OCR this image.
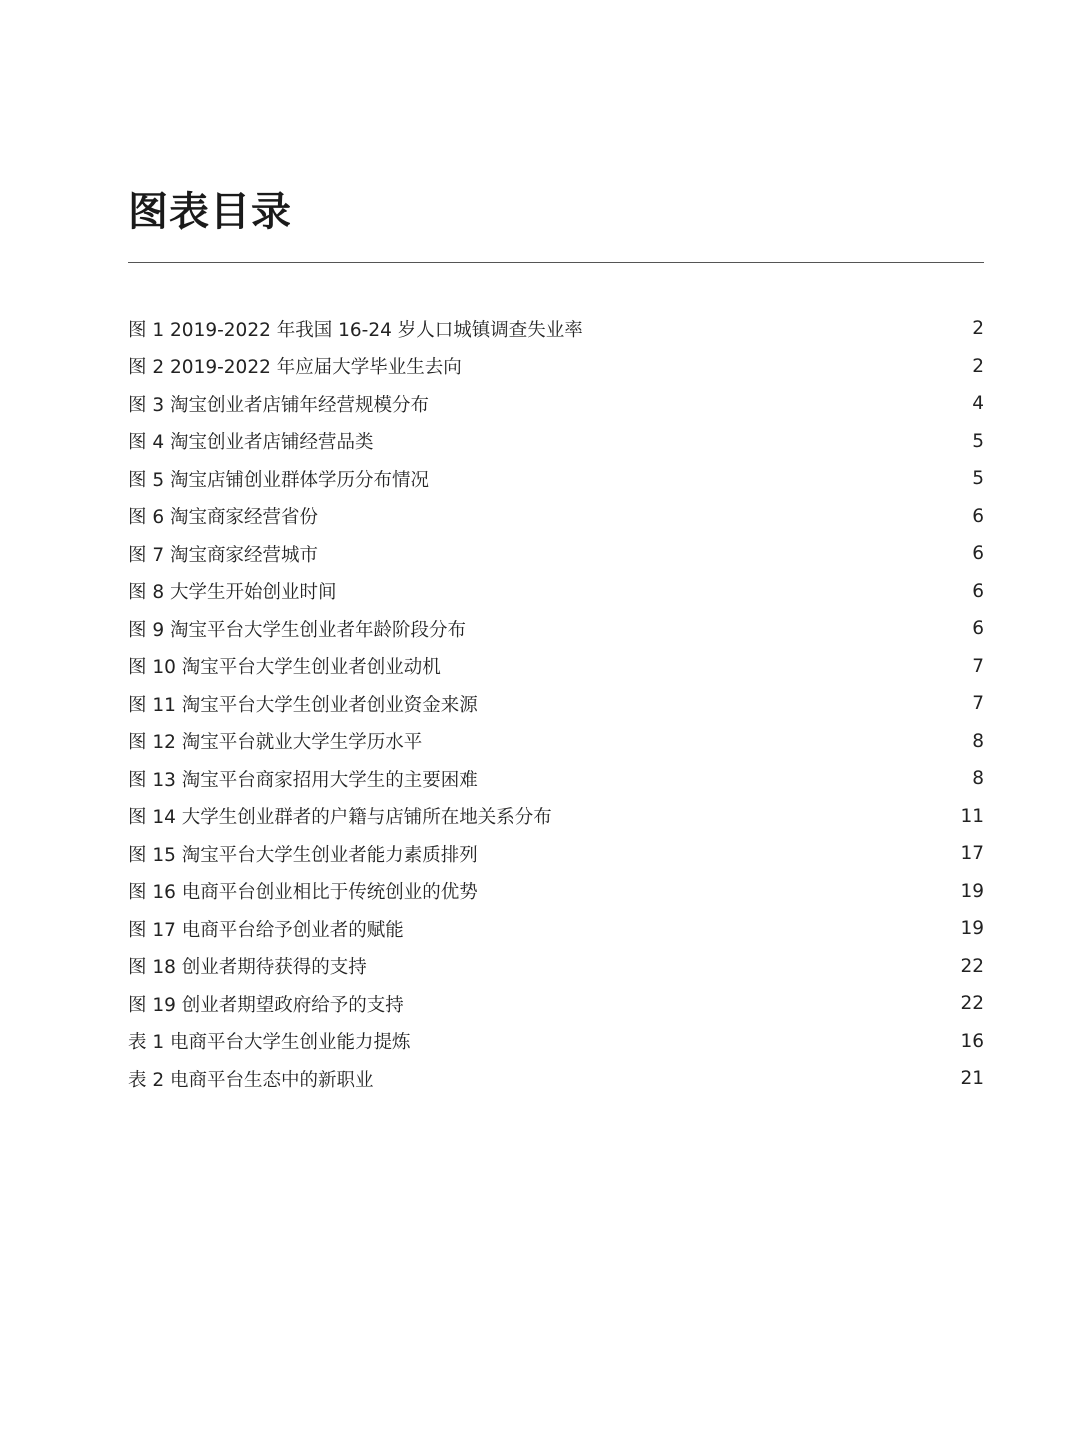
图表目录
图 1 2019-2022 年我国 16-24 岁人口城镇调查失业率	2
图 2 2019-2022 年应届大学毕业生去向	2
图 3 淘宝创业者店铺年经营规模分布	4
图 4 淘宝创业者店铺经营品类	5
图 5 淘宝店铺创业群体学历分布情况	5
图 6 淘宝商家经营省份	6
图 7 淘宝商家经营城市	6
图 8 大学生开始创业时间	6
图 9 淘宝平台大学生创业者年龄阶段分布	6
图 10 淘宝平台大学生创业者创业动机	7
图 11 淘宝平台大学生创业者创业资金来源	7
图 12 淘宝平台就业大学生学历水平	8
图 13 淘宝平台商家招用大学生的主要困难	8
图 14 大学生创业群者的户籍与店铺所在地关系分布	11
图 15 淘宝平台大学生创业者能力素质排列	17
图 16 电商平台创业相比于传统创业的优势	19
图 17 电商平台给予创业者的赋能	19
图 18 创业者期待获得的支持	22
图 19 创业者期望政府给予的支持	22
表 1 电商平台大学生创业能力提炼	16
表 2 电商平台生态中的新职业	21
